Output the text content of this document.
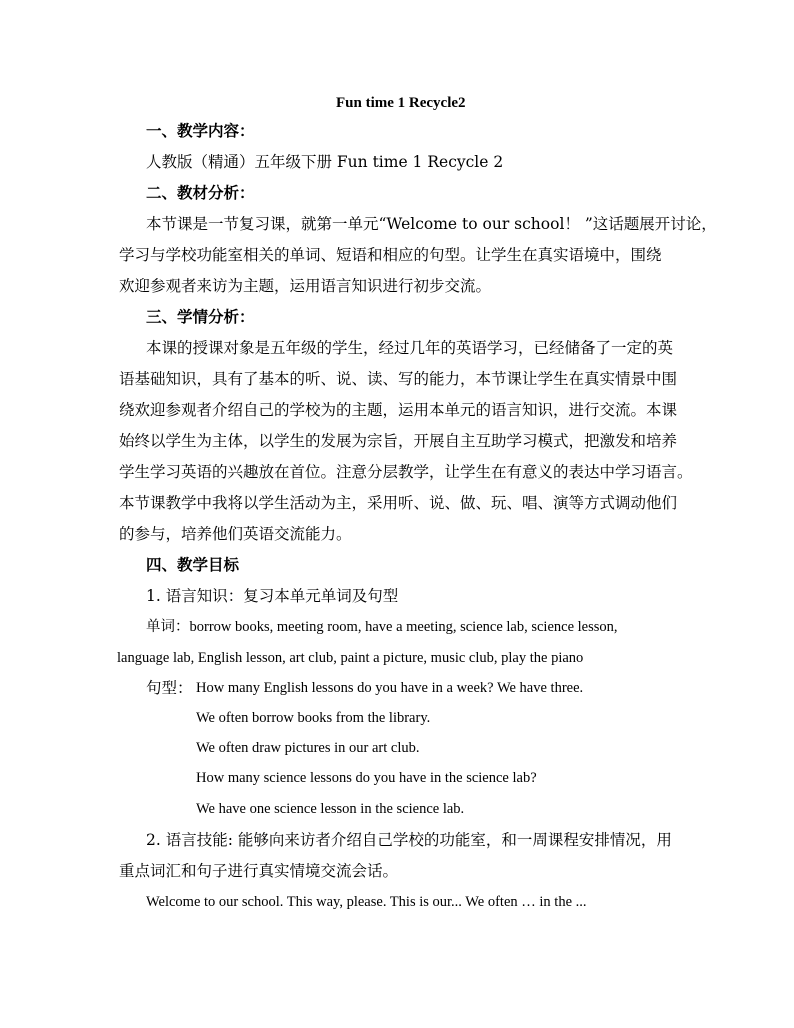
Fun time 1 Recycle2
一、教学内容：
人教版（精通）五年级下册 Fun time 1 Recycle 2
二、教材分析：
本节课是一节复习课，就第一单元“Welcome to our school！ ”这话题展开讨论，
学习与学校功能室相关的单词、短语和相应的句型。让学生在真实语境中，围绕
欢迎参观者来访为主题，运用语言知识进行初步交流。
三、学情分析：
本课的授课对象是五年级的学生，经过几年的英语学习，已经储备了一定的英
语基础知识，具有了基本的听、说、读、写的能力，本节课让学生在真实情景中围
绕欢迎参观者介绍自己的学校为的主题，运用本单元的语言知识，进行交流。本课
始终以学生为主体，以学生的发展为宗旨，开展自主互助学习模式，把激发和培养
学生学习英语的兴趣放在首位。注意分层教学，让学生在有意义的表达中学习语言。
本节课教学中我将以学生活动为主，采用听、说、做、玩、唱、演等方式调动他们
的参与，培养他们英语交流能力。
四、教学目标
1. 语言知识：复习本单元单词及句型
单词：borrow books, meeting room, have a meeting, science lab, science lesson,
language lab, English lesson, art club, paint a picture, music club, play the piano
句型： How many English lessons do you have in a week? We have three.
We often borrow books from the library.
We often draw pictures in our art club.
How many science lessons do you have in the science lab?
We have one science lesson in the science lab.
2. 语言技能: 能够向来访者介绍自己学校的功能室，和一周课程安排情况，用
重点词汇和句子进行真实情境交流会话。
Welcome to our school. This way, please. This is our... We often … in the ...
